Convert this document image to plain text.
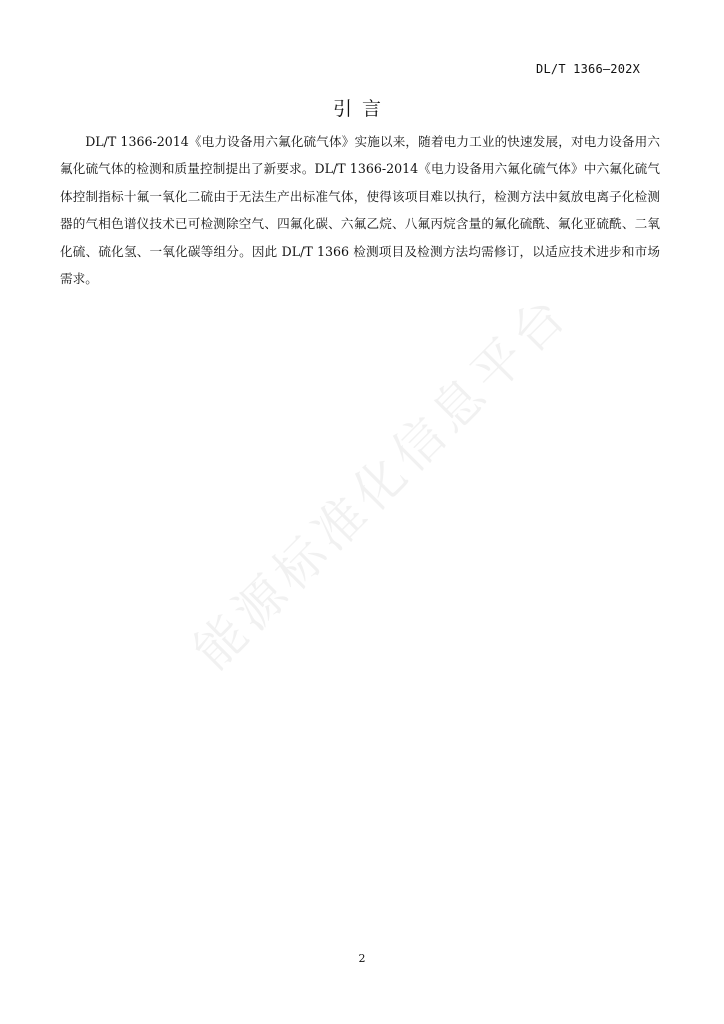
DL/T 1366—202X
引言

DL/T 1366-2014《电力设备用六氟化硫气体》实施以来，随着电力工业的快速发展，对电力设备用六氟化硫气体的检测和质量控制提出了新要求。DL/T 1366-2014《电力设备用六氟化硫气体》中六氟化硫气体控制指标十氟一氧化二硫由于无法生产出标准气体，使得该项目难以执行，检测方法中氦放电离子化检测器的气相色谱仪技术已可检测除空气、四氟化碳、六氟乙烷、八氟丙烷含量的氟化硫酰、氟化亚硫酰、二氧化硫、硫化氢、一氧化碳等组分。因此 DL/T 1366 检测项目及检测方法均需修订，以适应技术进步和市场需求。

能源标准化信息平台
2
